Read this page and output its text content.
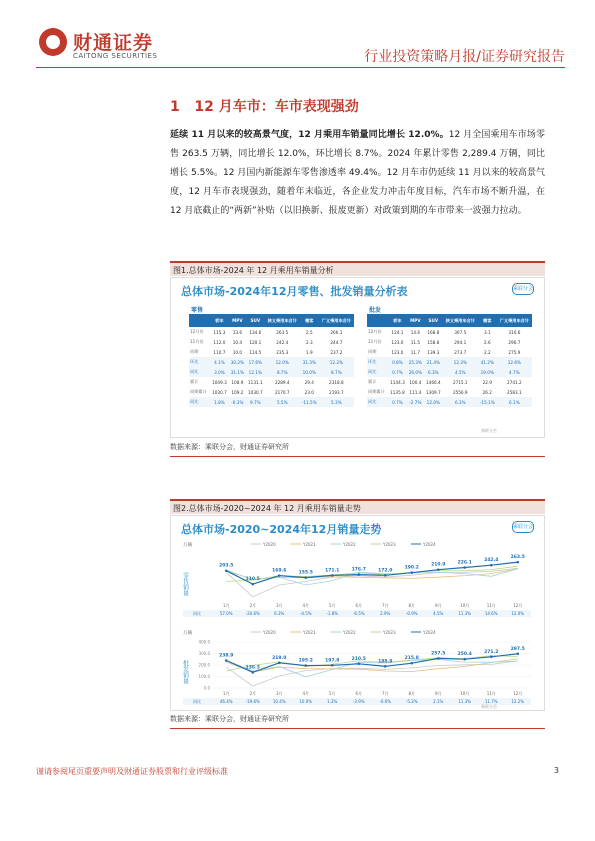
财通证券
CAITONG SECURITIES	行业投资策略月报/证券研究报告
1 12 月车市：车市表现强劲
延续 11 月以来的较高景气度，12 月乘用车销量同比增长 12.0%。12 月全国乘用车市场零售 263.5 万辆，同比增长 12.0%，环比增长 8.7%。2024 年累计零售 2,289.4 万辆，同比增长 5.5%。12 月国内新能源车零售渗透率 49.4%。12 月车市仍延续 11 月以来的较高景气度，12 月车市表现强劲，随着年末临近，各企业发力冲击年度目标，汽车市场不断升温，在 12 月底截止的“两新”补贴（以旧换新、报废更新）对政策到期的车市带来一波强力拉动。
图1.总体市场-2024 年 12 月乘用车销量分析
总体市场-2024年12月零售、批发销量分析表	乘联分会
零售	批发
	轿车	MPV	SUV	狭义乘用车合计	微客	广义乘用车合计
12月份	115.3	13.6	134.6	263.5	2.5	266.1
11月份	112.0	10.4	120.1	242.4	2.3	244.7
同期	110.7	10.0	114.5	235.3	1.9	237.2
环比	4.1%	30.2%	17.6%	12.0%	31.3%	12.2%
同比	3.0%	31.1%	12.1%	8.7%	10.0%	8.7%
累计	1049.3	108.9	1131.1	2289.4	29.4	2318.8
同期累计	1030.7	109.2	1030.7	2170.7	23.0	2193.7
同比	1.8%	-0.3%	9.7%	5.5%	-11.5%	5.3%
	轿车	MPV	SUV	狭义乘用车合计	微客	广义乘用车合计
12月份	124.1	14.6	168.8	307.5	3.1	310.6
11月份	123.0	11.5	158.8	294.1	2.6	296.7
同期	123.0	11.7	139.3	273.7	2.2	275.9
环比	0.8%	25.3%	21.4%	12.3%	41.2%	12.6%
同比	0.7%	26.0%	6.3%	4.5%	19.0%	4.7%
累计	1144.3	100.4	1466.4	2715.1	22.9	2741.2
同期累计	1135.8	111.4	1309.7	2556.9	26.2	2583.1
同比	0.7%	-2.7%	12.0%	6.3%	-15.1%	6.1%
乘联分会
数据来源：乘联分会，财通证券研究所
图2.总体市场-2020~2024 年 12 月乘用车销量走势
总体市场-2020~2024年12月销量走势	乘联分会
万辆
零售销量
Y2020	Y2021	Y2022	Y2023	Y2024
203.5
110.5
169.6	155.5	171.1	176.7	172.0
190.2
210.9	226.1	242.4
263.5
1月	2月	3月	4月	5月	6月	7月	8月	9月	10月	11月	12月
同比	57.0%	-20.6%	6.3%	-4.5%	-1.8%	-6.5%	2.9%	-0.9%	4.5%	11.3%	14.6%	12.0%
万辆
批发销量
Y2020	Y2021	Y2022	Y2023	Y2024
0.0
100.0
200.0
300.0
400.0
238.9
136.3
219.0
195.2	197.8	210.5	188.9
215.8
257.5	250.4	271.2
297.5
1月	2月	3月	4月	5月	6月	7月	8月	9月	10月	11月	12月
同比	46.4%	-19.6%	10.4%	10.0%	1.2%	-3.9%	-0.6%	-5.2%	2.1%	11.3%	11.7%	12.2%
乘联分会
数据来源：乘联分会，财通证券研究所
谨请参阅尾页重要声明及财通证券股票和行业评级标准	3
